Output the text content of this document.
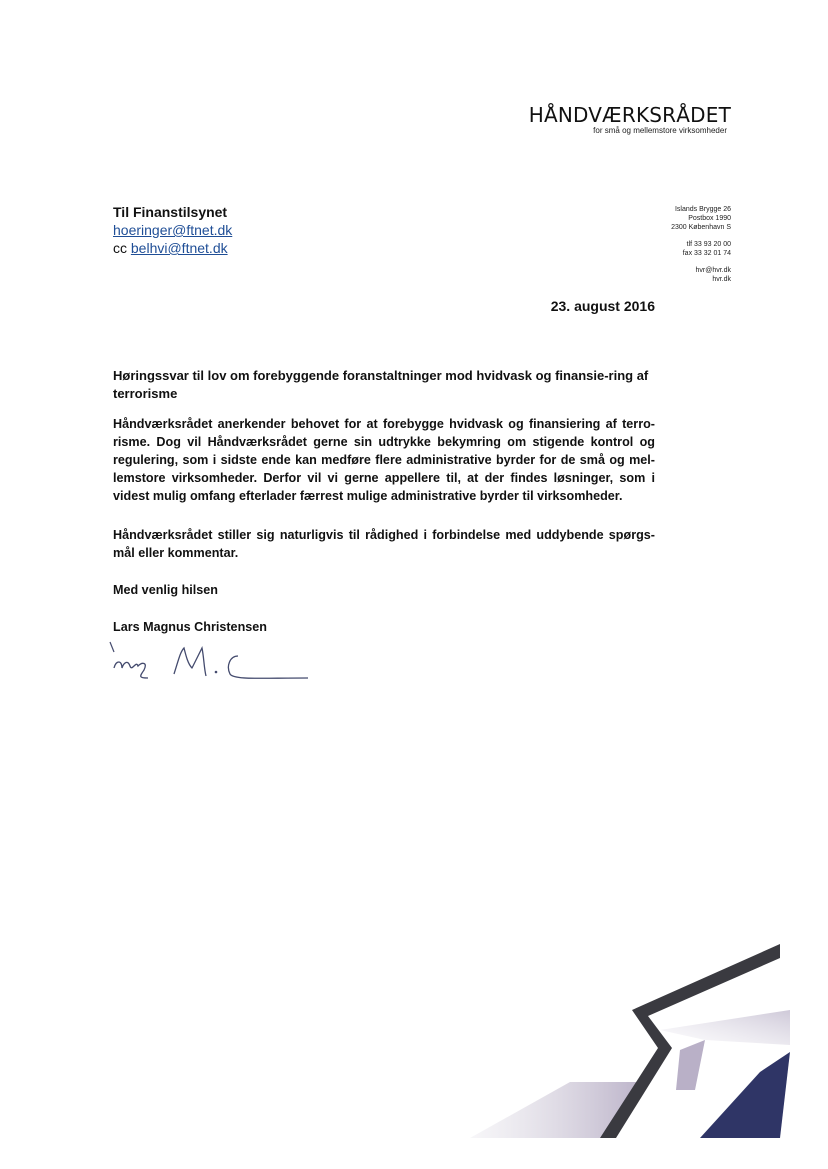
HÅNDVÆRKSRÅDET
for små og mellemstore virksomheder
Til Finanstilsynet
hoeringer@ftnet.dk
cc belhvi@ftnet.dk
Islands Brygge 26
Postbox 1990
2300 København S
tlf 33 93 20 00
fax 33 32 01 74
hvr@hvr.dk
hvr.dk
23. august 2016
Høringssvar til lov om forebyggende foranstaltninger mod hvidvask og finansie-ring af terrorisme
Håndværksrådet anerkender behovet for at forebygge hvidvask og finansiering af terro-risme. Dog vil Håndværksrådet gerne sin udtrykke bekymring om stigende kontrol og regulering, som i sidste ende kan medføre flere administrative byrder for de små og mel-lemstore virksomheder. Derfor vil vi gerne appellere til, at der findes løsninger, som i videst mulig omfang efterlader færrest mulige administrative byrder til virksomheder.
Håndværksrådet stiller sig naturligvis til rådighed i forbindelse med uddybende spørgs-mål eller kommentar.
Med venlig hilsen
Lars Magnus Christensen
